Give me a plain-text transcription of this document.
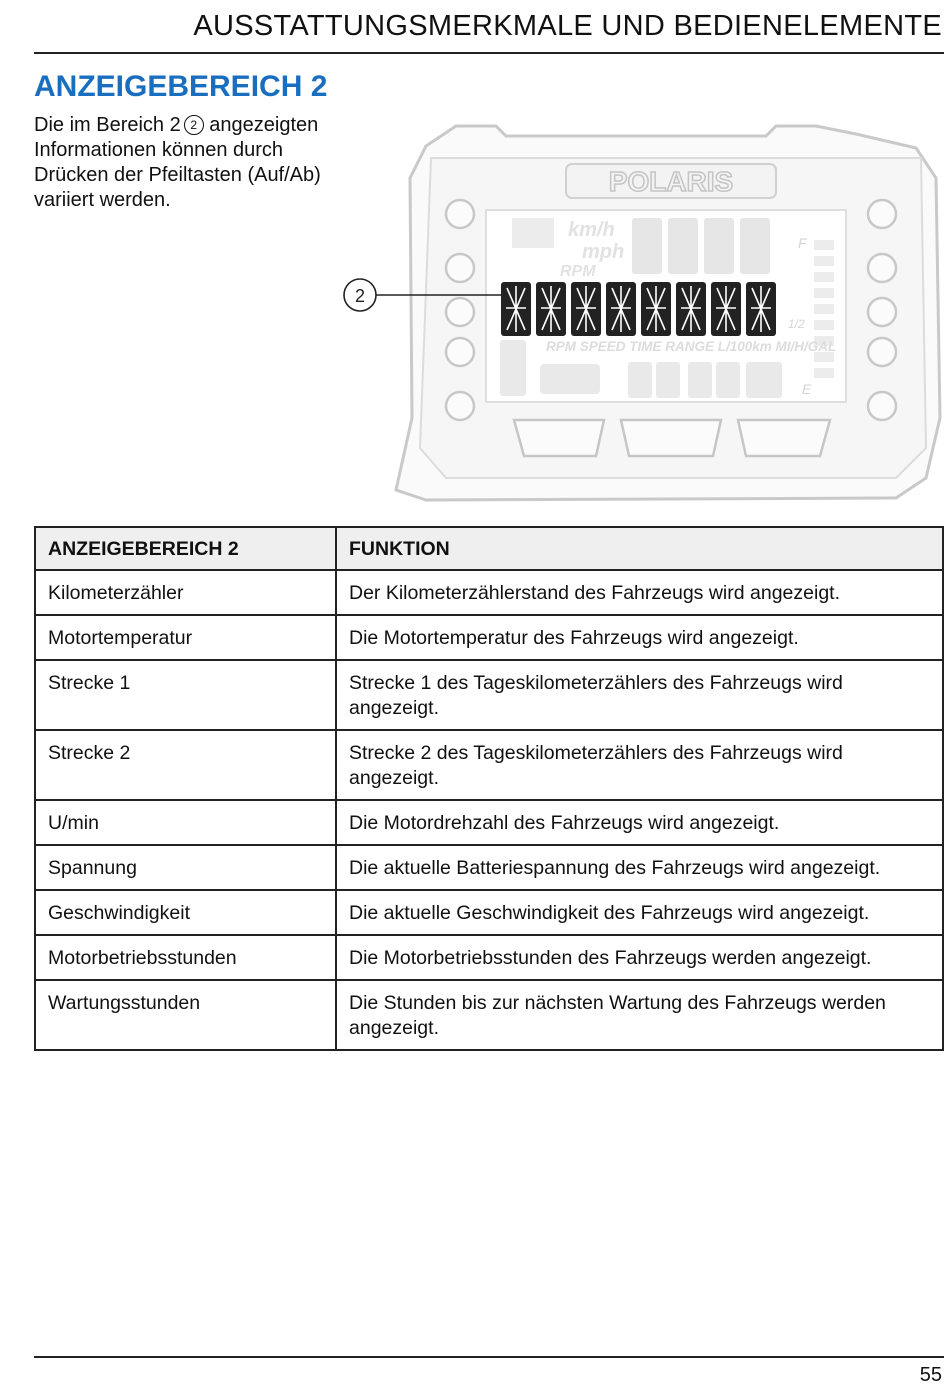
AUSSTATTUNGSMERKMALE UND BEDIENELEMENTE
ANZEIGEBEREICH 2
Die im Bereich 2 2 angezeigten Informationen können durch Drücken der Pfeiltasten (Auf/Ab) variiert werden.
POLARIS
km/h
mph
RPM
F
1/2
E
RPM SPEED TIME RANGE L/100km MI/H/GAL
2
ANZEIGEBEREICH 2	FUNKTION
Kilometerzähler	Der Kilometerzählerstand des Fahrzeugs wird angezeigt.
Motortemperatur	Die Motortemperatur des Fahrzeugs wird angezeigt.
Strecke 1	Strecke 1 des Tageskilometerzählers des Fahrzeugs wird angezeigt.
Strecke 2	Strecke 2 des Tageskilometerzählers des Fahrzeugs wird angezeigt.
U/min	Die Motordrehzahl des Fahrzeugs wird angezeigt.
Spannung	Die aktuelle Batteriespannung des Fahrzeugs wird angezeigt.
Geschwindigkeit	Die aktuelle Geschwindigkeit des Fahrzeugs wird angezeigt.
Motorbetriebsstunden	Die Motorbetriebsstunden des Fahrzeugs werden angezeigt.
Wartungsstunden	Die Stunden bis zur nächsten Wartung des Fahrzeugs werden angezeigt.
55
